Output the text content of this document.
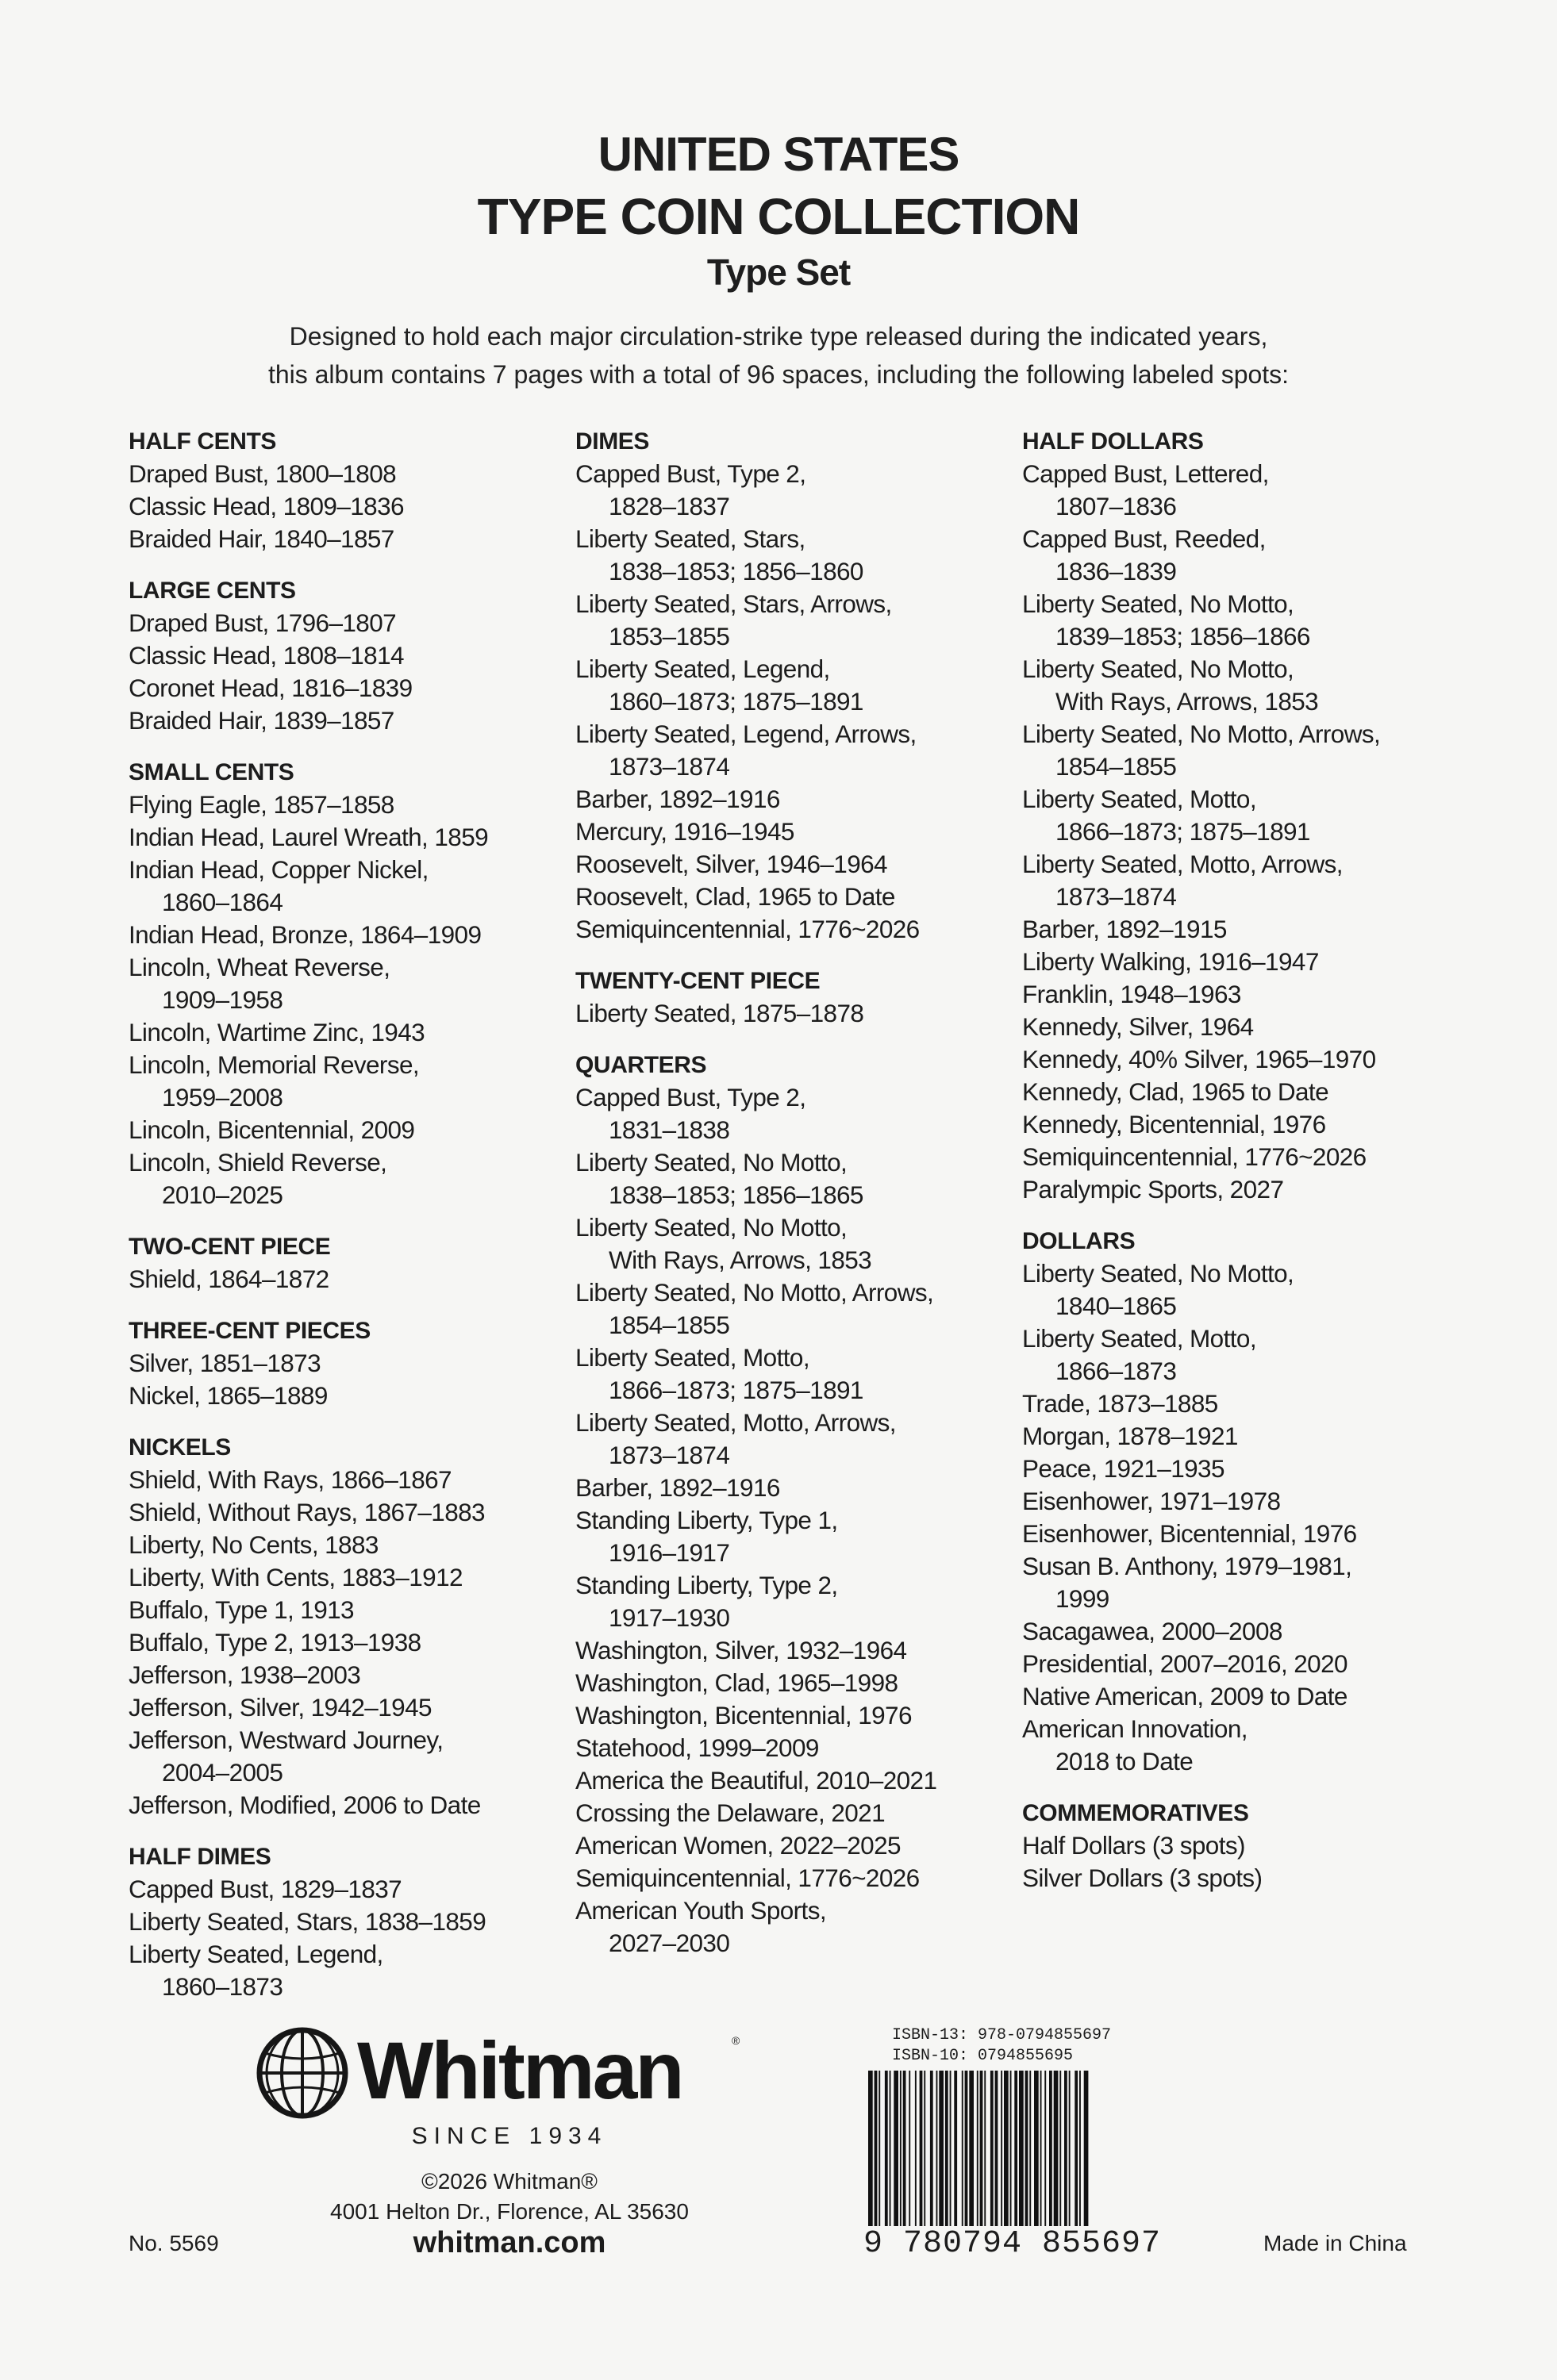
UNITED STATES
TYPE COIN COLLECTION
Type Set
Designed to hold each major circulation-strike type released during the indicated years,
this album contains 7 pages with a total of 96 spaces, including the following labeled spots:
HALF CENTS
Draped Bust, 1800–1808
Classic Head, 1809–1836
Braided Hair, 1840–1857
LARGE CENTS
Draped Bust, 1796–1807
Classic Head, 1808–1814
Coronet Head, 1816–1839
Braided Hair, 1839–1857
SMALL CENTS
Flying Eagle, 1857–1858
Indian Head, Laurel Wreath, 1859
Indian Head, Copper Nickel,
1860–1864
Indian Head, Bronze, 1864–1909
Lincoln, Wheat Reverse,
1909–1958
Lincoln, Wartime Zinc, 1943
Lincoln, Memorial Reverse,
1959–2008
Lincoln, Bicentennial, 2009
Lincoln, Shield Reverse,
2010–2025
TWO-CENT PIECE
Shield, 1864–1872
THREE-CENT PIECES
Silver, 1851–1873
Nickel, 1865–1889
NICKELS
Shield, With Rays, 1866–1867
Shield, Without Rays, 1867–1883
Liberty, No Cents, 1883
Liberty, With Cents, 1883–1912
Buffalo, Type 1, 1913
Buffalo, Type 2, 1913–1938
Jefferson, 1938–2003
Jefferson, Silver, 1942–1945
Jefferson, Westward Journey,
2004–2005
Jefferson, Modified, 2006 to Date
HALF DIMES
Capped Bust, 1829–1837
Liberty Seated, Stars, 1838–1859
Liberty Seated, Legend,
1860–1873
DIMES
Capped Bust, Type 2,
1828–1837
Liberty Seated, Stars,
1838–1853; 1856–1860
Liberty Seated, Stars, Arrows,
1853–1855
Liberty Seated, Legend,
1860–1873; 1875–1891
Liberty Seated, Legend, Arrows,
1873–1874
Barber, 1892–1916
Mercury, 1916–1945
Roosevelt, Silver, 1946–1964
Roosevelt, Clad, 1965 to Date
Semiquincentennial, 1776~2026
TWENTY-CENT PIECE
Liberty Seated, 1875–1878
QUARTERS
Capped Bust, Type 2,
1831–1838
Liberty Seated, No Motto,
1838–1853; 1856–1865
Liberty Seated, No Motto,
With Rays, Arrows, 1853
Liberty Seated, No Motto, Arrows,
1854–1855
Liberty Seated, Motto,
1866–1873; 1875–1891
Liberty Seated, Motto, Arrows,
1873–1874
Barber, 1892–1916
Standing Liberty, Type 1,
1916–1917
Standing Liberty, Type 2,
1917–1930
Washington, Silver, 1932–1964
Washington, Clad, 1965–1998
Washington, Bicentennial, 1976
Statehood, 1999–2009
America the Beautiful, 2010–2021
Crossing the Delaware, 2021
American Women, 2022–2025
Semiquincentennial, 1776~2026
American Youth Sports,
2027–2030
HALF DOLLARS
Capped Bust, Lettered,
1807–1836
Capped Bust, Reeded,
1836–1839
Liberty Seated, No Motto,
1839–1853; 1856–1866
Liberty Seated, No Motto,
With Rays, Arrows, 1853
Liberty Seated, No Motto, Arrows,
1854–1855
Liberty Seated, Motto,
1866–1873; 1875–1891
Liberty Seated, Motto, Arrows,
1873–1874
Barber, 1892–1915
Liberty Walking, 1916–1947
Franklin, 1948–1963
Kennedy, Silver, 1964
Kennedy, 40% Silver, 1965–1970
Kennedy, Clad, 1965 to Date
Kennedy, Bicentennial, 1976
Semiquincentennial, 1776~2026
Paralympic Sports, 2027
DOLLARS
Liberty Seated, No Motto,
1840–1865
Liberty Seated, Motto,
1866–1873
Trade, 1873–1885
Morgan, 1878–1921
Peace, 1921–1935
Eisenhower, 1971–1978
Eisenhower, Bicentennial, 1976
Susan B. Anthony, 1979–1981,
1999
Sacagawea, 2000–2008
Presidential, 2007–2016, 2020
Native American, 2009 to Date
American Innovation,
2018 to Date
COMMEMORATIVES
Half Dollars (3 spots)
Silver Dollars (3 spots)
Whitman	®
SINCE 1934
©2026 Whitman®
4001 Helton Dr., Florence, AL 35630
whitman.com
No. 5569	Made in China
ISBN-13: 978-0794855697
ISBN-10: 0794855695
9 780794 855697
